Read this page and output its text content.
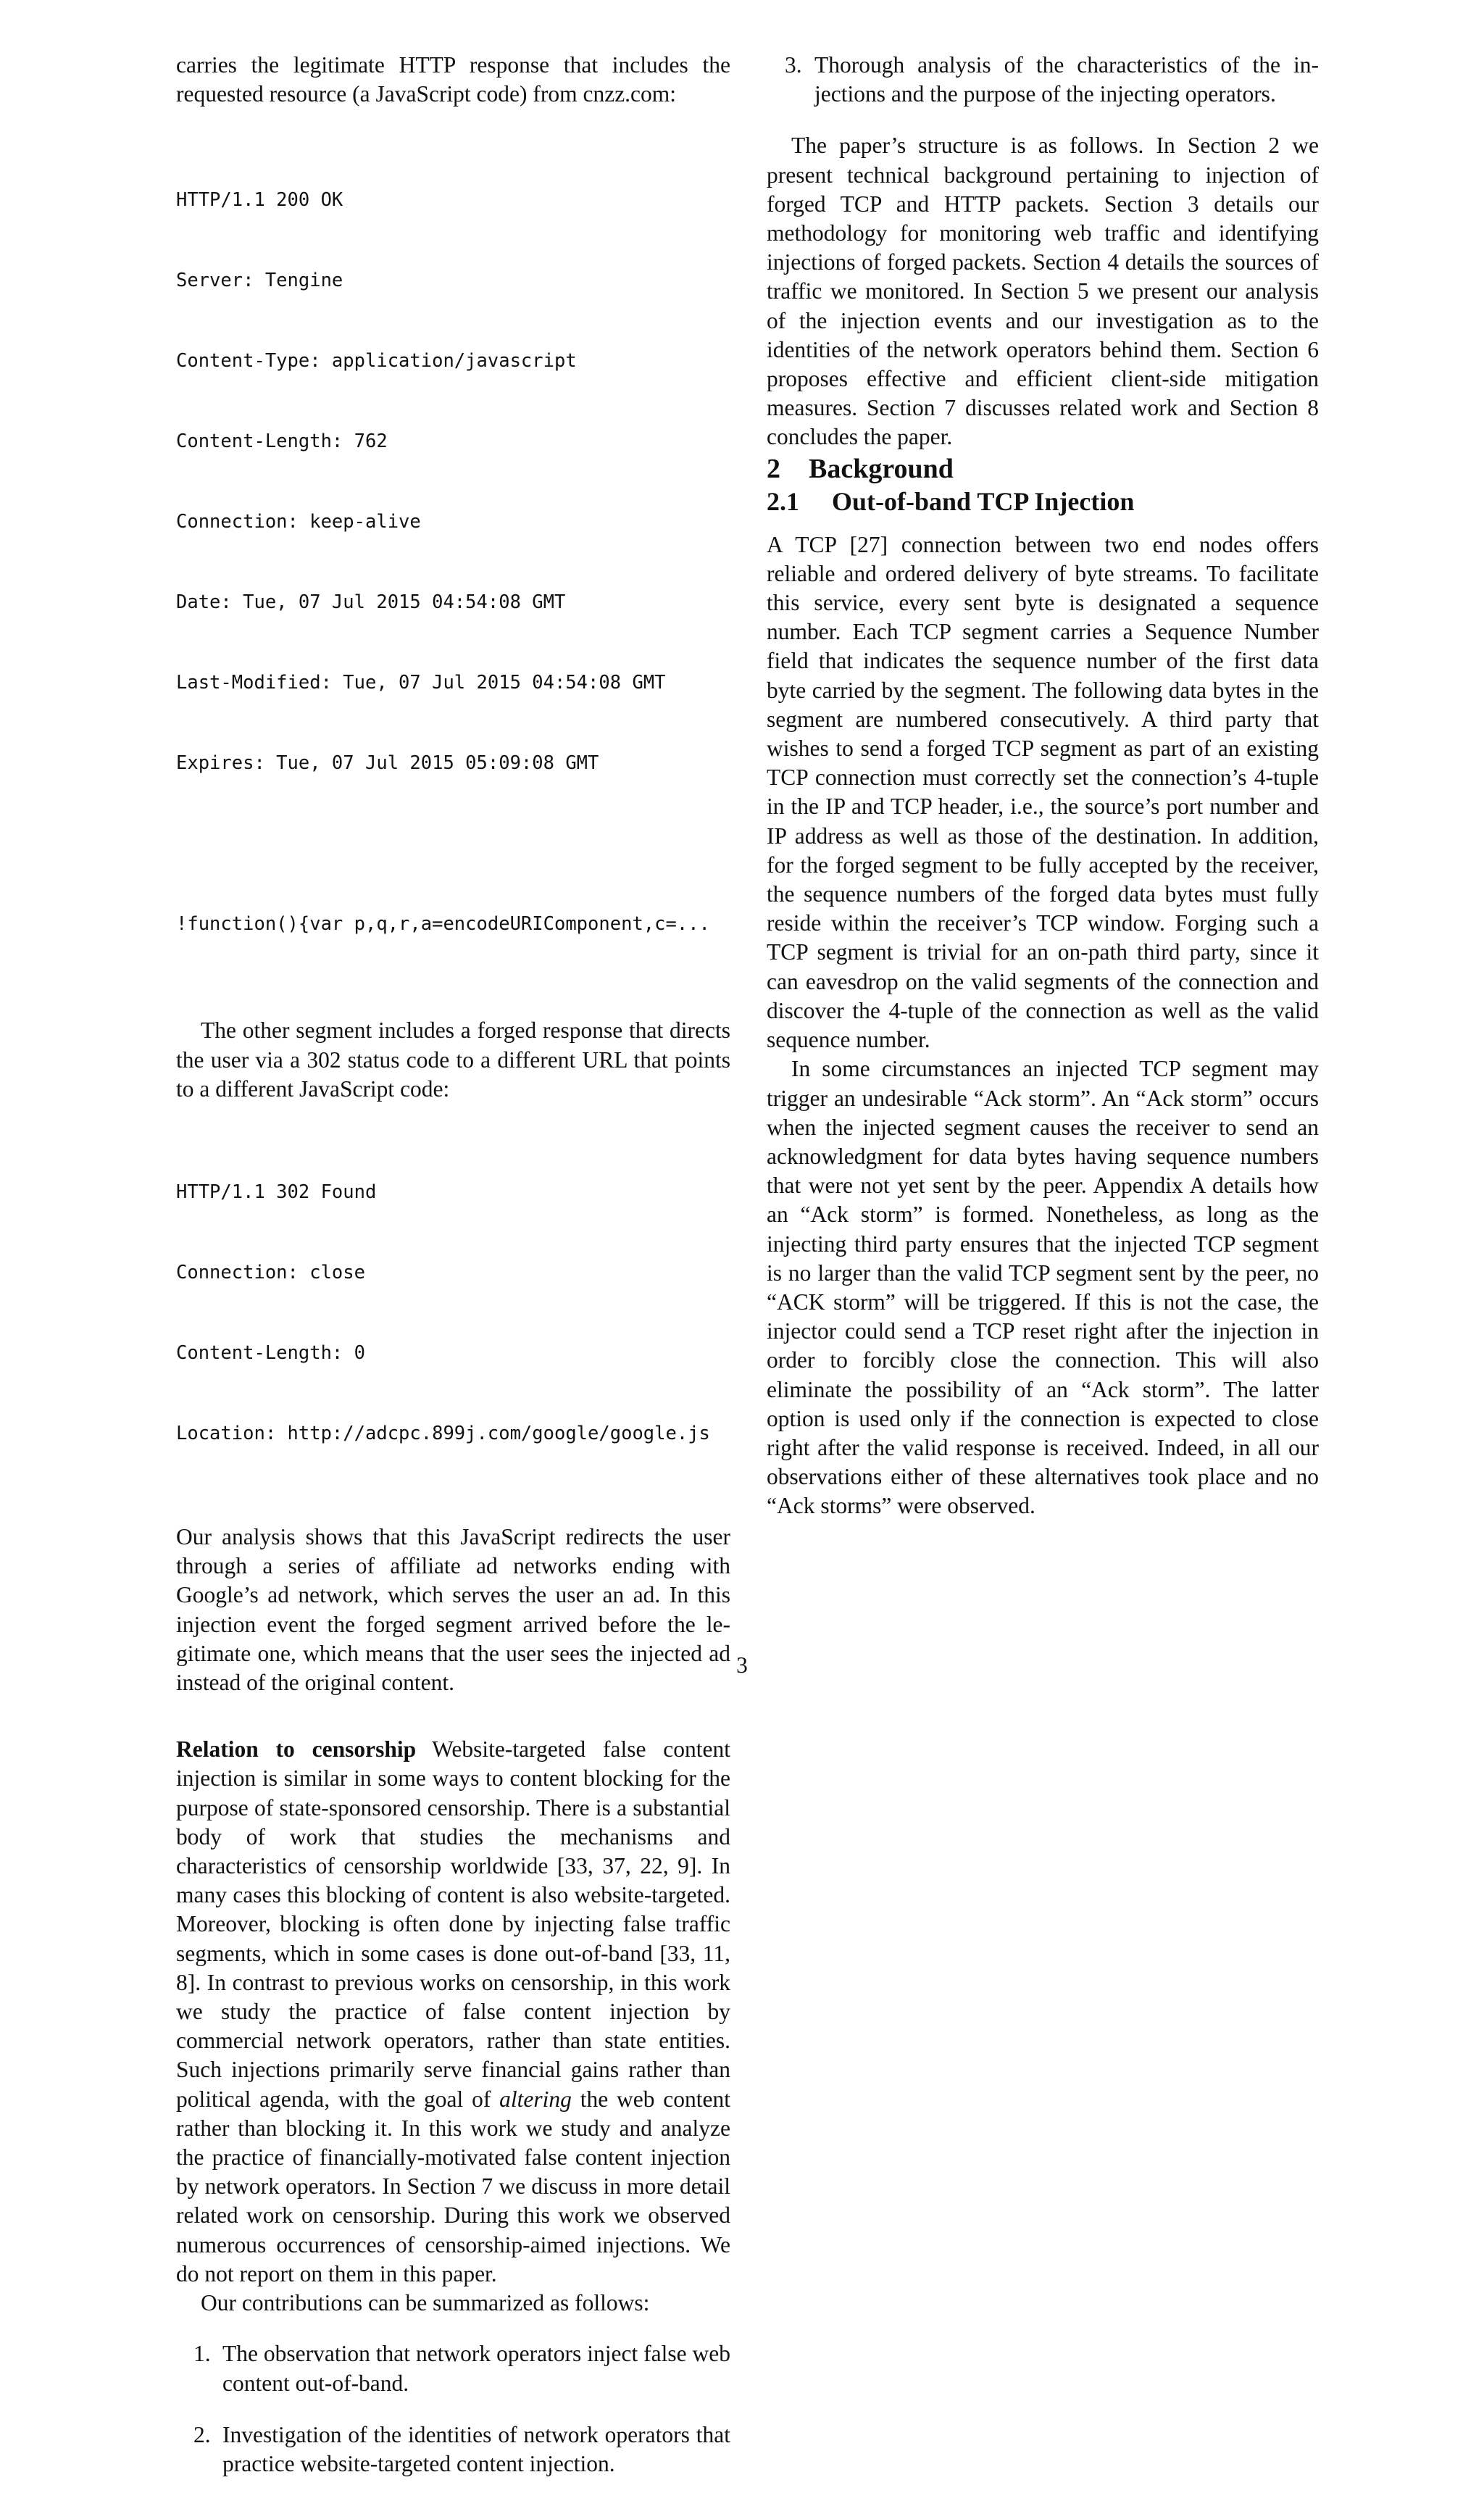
carries the legitimate HTTP response that includes the requested resource (a JavaScript code) from cnzz.com:

HTTP/1.1 200 OK

Server: Tengine

Content-Type: application/javascript

Content-Length: 762

Connection: keep-alive

Date: Tue, 07 Jul 2015 04:54:08 GMT

Last-Modified: Tue, 07 Jul 2015 04:54:08 GMT

Expires: Tue, 07 Jul 2015 05:09:08 GMT

!function(){var p,q,r,a=encodeURIComponent,c=...

The other segment includes a forged response that directs the user via a 302 status code to a different URL that points to a different JavaScript code:

HTTP/1.1 302 Found

Connection: close

Content-Length: 0

Location: http://adcpc.899j.com/google/google.js

Our analysis shows that this JavaScript redirects the user through a series of affiliate ad networks ending with Google’s ad network, which serves the user an ad. In this injection event the forged segment arrived before the legitimate one, which means that the user sees the injected ad instead of the original content.

Relation to censorship Website-targeted false content injection is similar in some ways to content blocking for the purpose of state-sponsored censorship. There is a substantial body of work that studies the mechanisms and characteristics of censorship worldwide [33, 37, 22, 9]. In many cases this blocking of content is also website-targeted. Moreover, blocking is often done by injecting false traffic segments, which in some cases is done out-of-band [33, 11, 8]. In contrast to previous works on censorship, in this work we study the practice of false content injection by commercial network operators, rather than state entities. Such injections primarily serve financial gains rather than political agenda, with the goal of altering the web content rather than blocking it. In this work we study and analyze the practice of financially-motivated false content injection by network operators. In Section 7 we discuss in more detail related work on censorship. During this work we observed numerous occurrences of censorship-aimed injections. We do not report on them in this paper.

Our contributions can be summarized as follows:

1. The observation that network operators inject false web content out-of-band.
2. Investigation of the identities of network operators that practice website-targeted content injection.
3. Thorough analysis of the characteristics of the injections and the purpose of the injecting operators.

The paper’s structure is as follows. In Section 2 we present technical background pertaining to injection of forged TCP and HTTP packets. Section 3 details our methodology for monitoring web traffic and identifying injections of forged packets. Section 4 details the sources of traffic we monitored. In Section 5 we present our analysis of the injection events and our investigation as to the identities of the network operators behind them. Section 6 proposes effective and efficient client-side mitigation measures. Section 7 discusses related work and Section 8 concludes the paper.

2 Background
2.1 Out-of-band TCP Injection

A TCP [27] connection between two end nodes offers reliable and ordered delivery of byte streams. To facilitate this service, every sent byte is designated a sequence number. Each TCP segment carries a Sequence Number field that indicates the sequence number of the first data byte carried by the segment. The following data bytes in the segment are numbered consecutively. A third party that wishes to send a forged TCP segment as part of an existing TCP connection must correctly set the connection’s 4-tuple in the IP and TCP header, i.e., the source’s port number and IP address as well as those of the destination. In addition, for the forged segment to be fully accepted by the receiver, the sequence numbers of the forged data bytes must fully reside within the receiver’s TCP window. Forging such a TCP segment is trivial for an on-path third party, since it can eavesdrop on the valid segments of the connection and discover the 4-tuple of the connection as well as the valid sequence number.

In some circumstances an injected TCP segment may trigger an undesirable “Ack storm”. An “Ack storm” occurs when the injected segment causes the receiver to send an acknowledgment for data bytes having sequence numbers that were not yet sent by the peer. Appendix A details how an “Ack storm” is formed. Nonetheless, as long as the injecting third party ensures that the injected TCP segment is no larger than the valid TCP segment sent by the peer, no “ACK storm” will be triggered. If this is not the case, the injector could send a TCP reset right after the injection in order to forcibly close the connection. This will also eliminate the possibility of an “Ack storm”. The latter option is used only if the connection is expected to close right after the valid response is received. Indeed, in all our observations either of these alternatives took place and no “Ack storms” were observed.

3
